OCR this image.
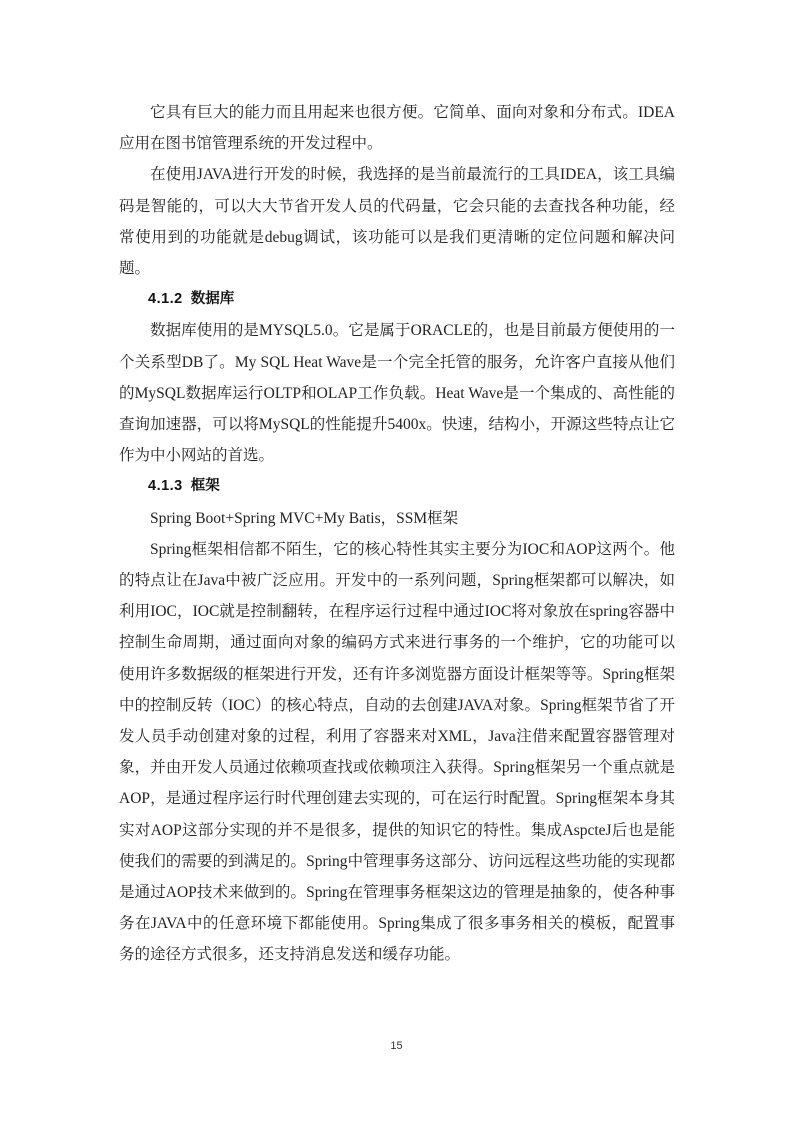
它具有巨大的能力而且用起来也很方便。它简单、面向对象和分布式。IDEA应用在图书馆管理系统的开发过程中。

在使用JAVA进行开发的时候，我选择的是当前最流行的工具IDEA，该工具编码是智能的，可以大大节省开发人员的代码量，它会只能的去查找各种功能，经常使用到的功能就是debug调试，该功能可以是我们更清晰的定位问题和解决问题。

4.1.2 数据库

数据库使用的是MYSQL5.0。它是属于ORACLE的，也是目前最方便使用的一个关系型DB了。My SQL Heat Wave是一个完全托管的服务，允许客户直接从他们的MySQL数据库运行OLTP和OLAP工作负载。Heat Wave是一个集成的、高性能的查询加速器，可以将MySQL的性能提升5400x。快速，结构小，开源这些特点让它作为中小网站的首选。

4.1.3 框架

Spring Boot+Spring MVC+My Batis，SSM框架

Spring框架相信都不陌生，它的核心特性其实主要分为IOC和AOP这两个。他的特点让在Java中被广泛应用。开发中的一系列问题，Spring框架都可以解决，如利用IOC，IOC就是控制翻转，在程序运行过程中通过IOC将对象放在spring容器中控制生命周期，通过面向对象的编码方式来进行事务的一个维护，它的功能可以使用许多数据级的框架进行开发，还有许多浏览器方面设计框架等等。Spring框架中的控制反转（IOC）的核心特点，自动的去创建JAVA对象。Spring框架节省了开发人员手动创建对象的过程，利用了容器来对XML，Java注借来配置容器管理对象，并由开发人员通过依赖项查找或依赖项注入获得。Spring框架另一个重点就是AOP，是通过程序运行时代理创建去实现的，可在运行时配置。Spring框架本身其实对AOP这部分实现的并不是很多，提供的知识它的特性。集成AspcteJ后也是能使我们的需要的到满足的。Spring中管理事务这部分、访问远程这些功能的实现都是通过AOP技术来做到的。Spring在管理事务框架这边的管理是抽象的，使各种事务在JAVA中的任意环境下都能使用。Spring集成了很多事务相关的模板，配置事务的途径方式很多，还支持消息发送和缓存功能。

15
